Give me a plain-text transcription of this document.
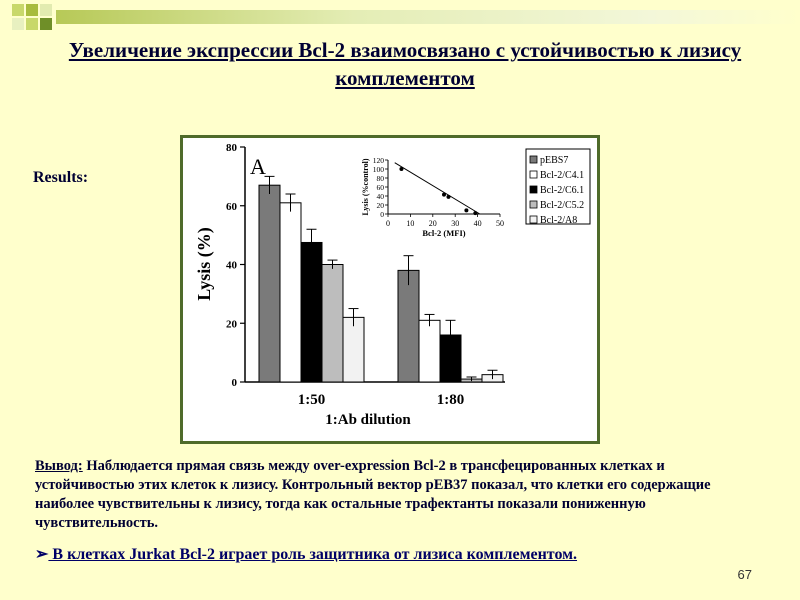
Увеличение экспрессии Bcl-2 взаимосвязано с устойчивостью к лизису комплементом
Results:
0
20
40
60
80
A
Lysis (%)
1:50	1:80
1:Ab dilution
pEBS7
Bcl-2/C4.1
Bcl-2/C6.1
Bcl-2/C5.2
Bcl-2/A8
0
20
40
60
80
100
120
0 10 20 30 40 50
Bcl-2 (MFI)
Lysis (%control)
Вывод: Наблюдается прямая связь между over-expression Bcl-2 в трансфецированных клетках и устойчивостью этих клеток к лизису. Контрольный вектор pEB37 показал, что клетки его содержащие наиболее чувствительны к лизису, тогда как остальные трафектанты показали пониженную чувствительность.
➢ В клетках Jurkat Bcl-2 играет роль защитника от лизиса комплементом.
67
